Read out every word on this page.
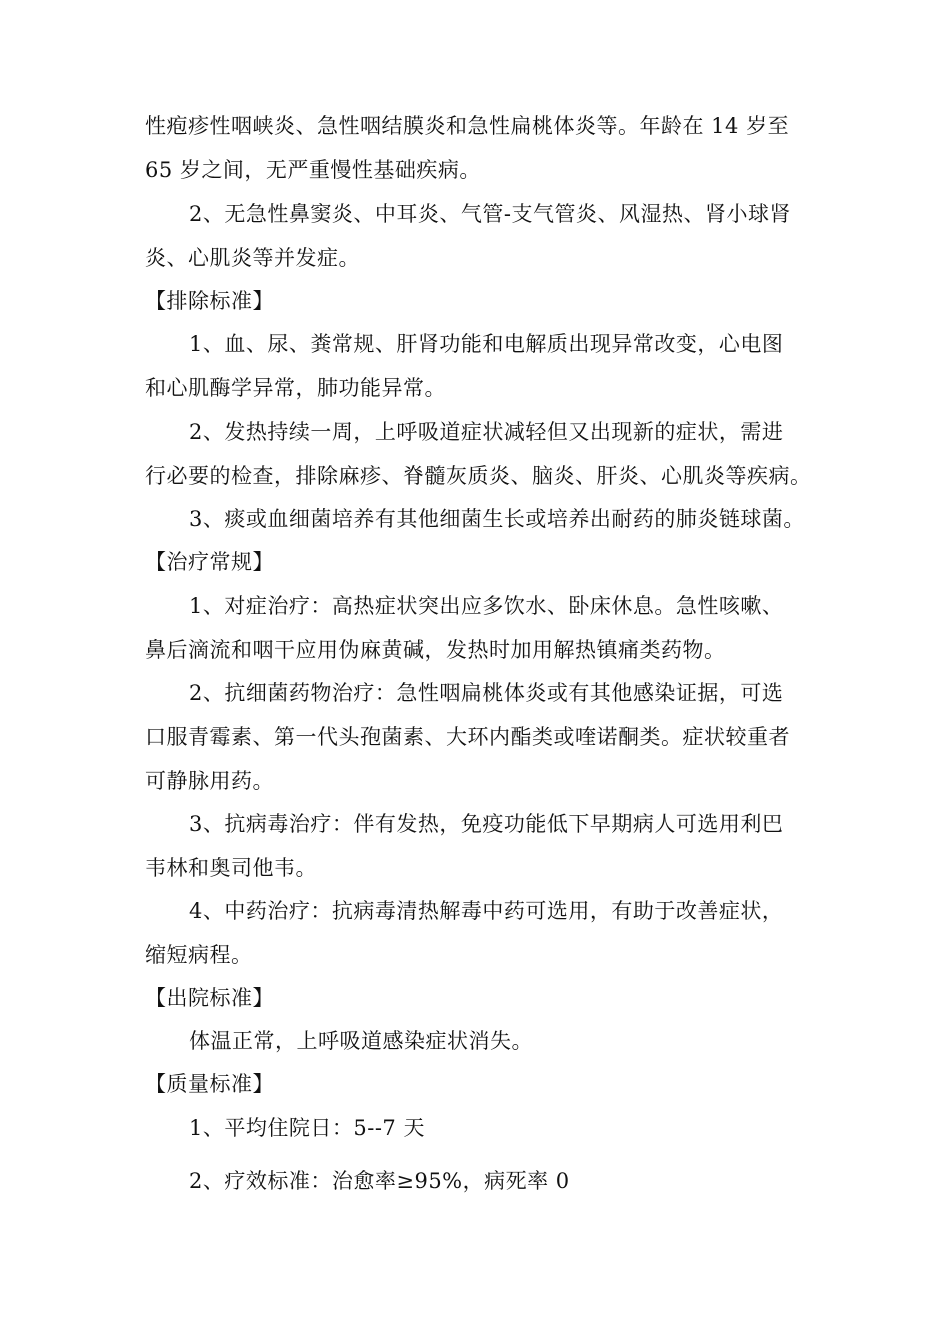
性疱疹性咽峡炎、急性咽结膜炎和急性扁桃体炎等。年龄在 14 岁至
65 岁之间，无严重慢性基础疾病。
2、无急性鼻窦炎、中耳炎、气管-支气管炎、风湿热、肾小球肾
炎、心肌炎等并发症。
【排除标准】
1、血、尿、粪常规、肝肾功能和电解质出现异常改变，心电图
和心肌酶学异常，肺功能异常。
2、发热持续一周，上呼吸道症状减轻但又出现新的症状，需进
行必要的检查，排除麻疹、脊髓灰质炎、脑炎、肝炎、心肌炎等疾病。
3、痰或血细菌培养有其他细菌生长或培养出耐药的肺炎链球菌。
【治疗常规】
1、对症治疗：高热症状突出应多饮水、卧床休息。急性咳嗽、
鼻后滴流和咽干应用伪麻黄碱，发热时加用解热镇痛类药物。
2、抗细菌药物治疗：急性咽扁桃体炎或有其他感染证据，可选
口服青霉素、第一代头孢菌素、大环内酯类或喹诺酮类。症状较重者
可静脉用药。
3、抗病毒治疗：伴有发热，免疫功能低下早期病人可选用利巴
韦林和奥司他韦。
4、中药治疗：抗病毒清热解毒中药可选用，有助于改善症状，
缩短病程。
【出院标准】
体温正常，上呼吸道感染症状消失。
【质量标准】
1、平均住院日：5--7 天
2、疗效标准：治愈率≥95%，病死率 0
